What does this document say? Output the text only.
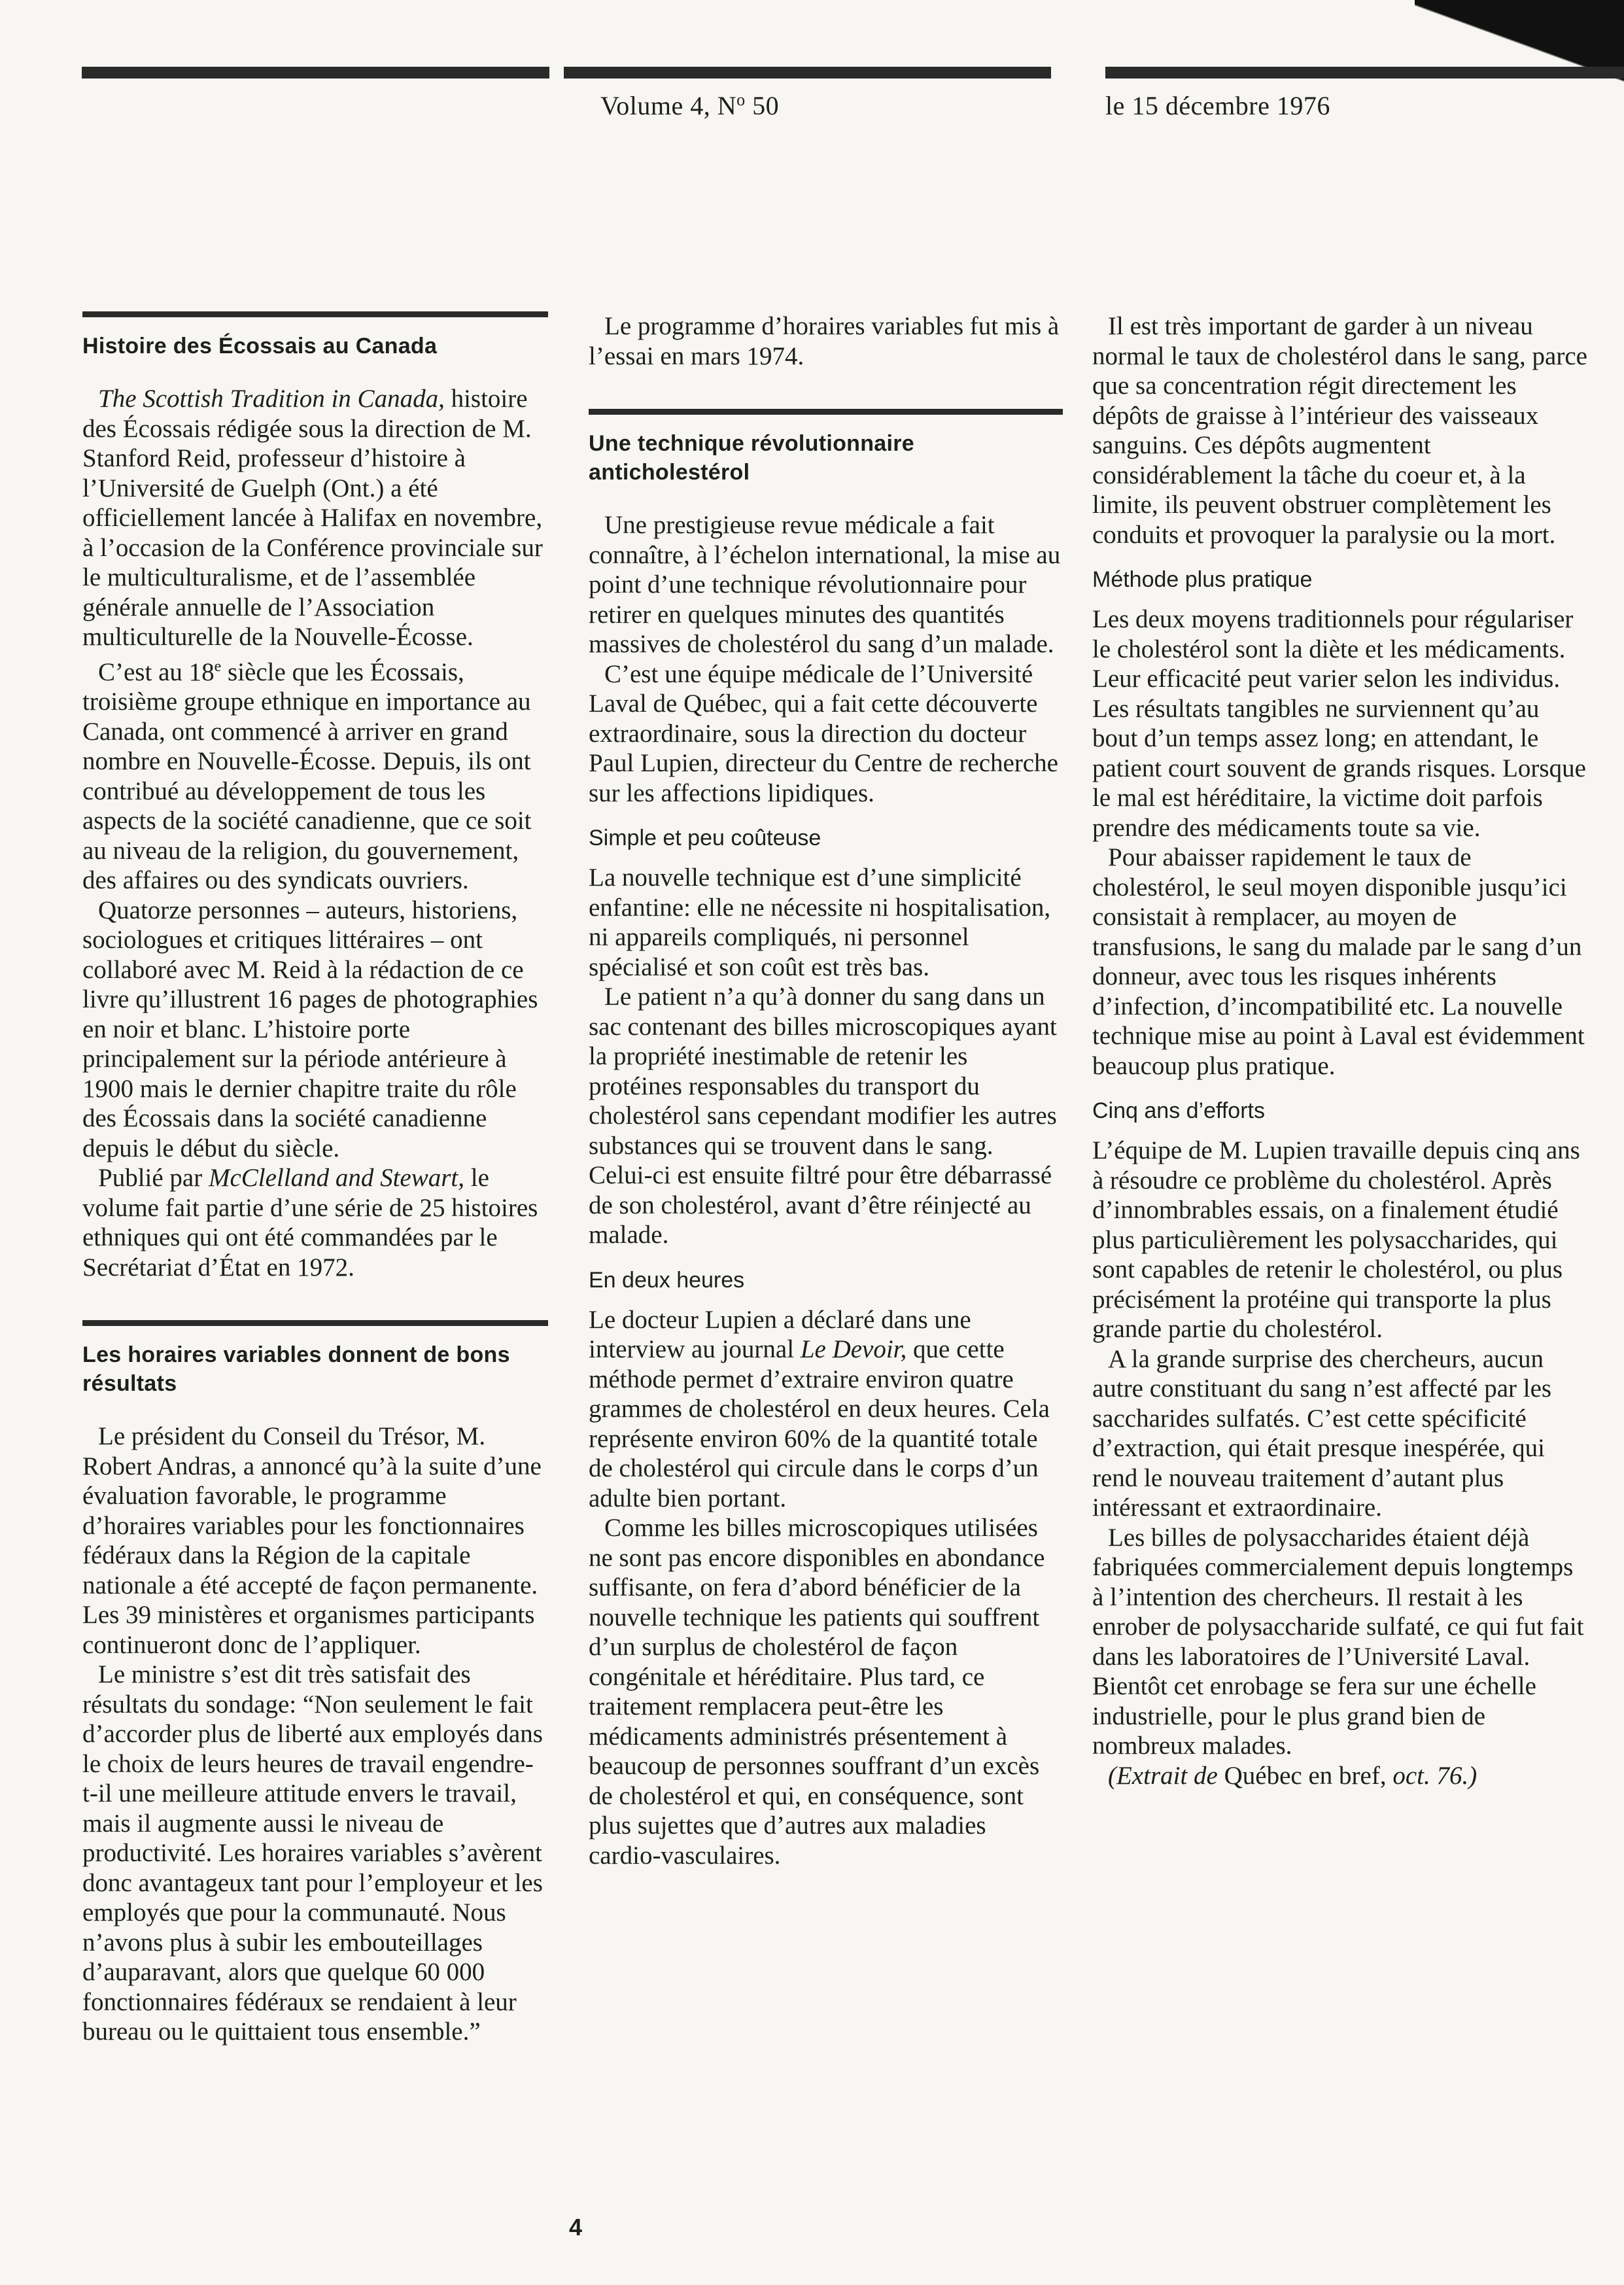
Volume 4, $N^o$ 50	le 15 décembre 1976
Histoire des Écossais au Canada

The Scottish Tradition in Canada, histoire des Écossais rédigée sous la direction de M. Stanford Reid, professeur d’histoire à l’Université de Guelph (Ont.) a été officiellement lancée à Halifax en novembre, à l’occasion de la Conférence provinciale sur le multiculturalisme, et de l’assemblée générale annuelle de l’Association multiculturelle de la Nouvelle-Écosse.

C’est au 18e siècle que les Écossais, troisième groupe ethnique en importance au Canada, ont commencé à arriver en grand nombre en Nouvelle-Écosse. Depuis, ils ont contribué au développement de tous les aspects de la société canadienne, que ce soit au niveau de la religion, du gouvernement, des affaires ou des syndicats ouvriers.

Quatorze personnes – auteurs, historiens, sociologues et critiques littéraires – ont collaboré avec M. Reid à la rédaction de ce livre qu’illustrent 16 pages de photographies en noir et blanc. L’histoire porte principalement sur la période antérieure à 1900 mais le dernier chapitre traite du rôle des Écossais dans la société canadienne depuis le début du siècle.

Publié par McClelland and Stewart, le volume fait partie d’une série de 25 histoires ethniques qui ont été commandées par le Secrétariat d’État en 1972.

Les horaires variables donnent de bons résultats

Le président du Conseil du Trésor, M. Robert Andras, a annoncé qu’à la suite d’une évaluation favorable, le programme d’horaires variables pour les fonctionnaires fédéraux dans la Région de la capitale nationale a été accepté de façon permanente. Les 39 ministères et organismes participants continueront donc de l’appliquer.

Le ministre s’est dit très satisfait des résultats du sondage: “Non seulement le fait d’accorder plus de liberté aux employés dans le choix de leurs heures de travail engendre-t-il une meilleure attitude envers le travail, mais il augmente aussi le niveau de productivité. Les horaires variables s’avèrent donc avantageux tant pour l’employeur et les employés que pour la communauté. Nous n’avons plus à subir les embouteillages d’auparavant, alors que quelque 60 000 fonctionnaires fédéraux se rendaient à leur bureau ou le quittaient tous ensemble.”

Le programme d’horaires variables fut mis à l’essai en mars 1974.

Une technique révolutionnaire anticholestérol

Une prestigieuse revue médicale a fait connaître, à l’échelon international, la mise au point d’une technique révolutionnaire pour retirer en quelques minutes des quantités massives de cholestérol du sang d’un malade.

C’est une équipe médicale de l’Université Laval de Québec, qui a fait cette découverte extraordinaire, sous la direction du docteur Paul Lupien, directeur du Centre de recherche sur les affections lipidiques.

Simple et peu coûteuse

La nouvelle technique est d’une simplicité enfantine: elle ne nécessite ni hospitalisation, ni appareils compliqués, ni personnel spécialisé et son coût est très bas.

Le patient n’a qu’à donner du sang dans un sac contenant des billes microscopiques ayant la propriété inestimable de retenir les protéines responsables du transport du cholestérol sans cependant modifier les autres substances qui se trouvent dans le sang. Celui-ci est ensuite filtré pour être débarrassé de son cholestérol, avant d’être réinjecté au malade.

En deux heures

Le docteur Lupien a déclaré dans une interview au journal Le Devoir, que cette méthode permet d’extraire environ quatre grammes de cholestérol en deux heures. Cela représente environ 60% de la quantité totale de cholestérol qui circule dans le corps d’un adulte bien portant.

Comme les billes microscopiques utilisées ne sont pas encore disponibles en abondance suffisante, on fera d’abord bénéficier de la nouvelle technique les patients qui souffrent d’un surplus de cholestérol de façon congénitale et héréditaire. Plus tard, ce traitement remplacera peut-être les médicaments administrés présentement à beaucoup de personnes souffrant d’un excès de cholestérol et qui, en conséquence, sont plus sujettes que d’autres aux maladies cardio-vasculaires.

Il est très important de garder à un niveau normal le taux de cholestérol dans le sang, parce que sa concentration régit directement les dépôts de graisse à l’intérieur des vaisseaux sanguins. Ces dépôts augmentent considérablement la tâche du coeur et, à la limite, ils peuvent obstruer complètement les conduits et provoquer la paralysie ou la mort.

Méthode plus pratique

Les deux moyens traditionnels pour régulariser le cholestérol sont la diète et les médicaments. Leur efficacité peut varier selon les individus. Les résultats tangibles ne surviennent qu’au bout d’un temps assez long; en attendant, le patient court souvent de grands risques. Lorsque le mal est héréditaire, la victime doit parfois prendre des médicaments toute sa vie.

Pour abaisser rapidement le taux de cholestérol, le seul moyen disponible jusqu’ici consistait à remplacer, au moyen de transfusions, le sang du malade par le sang d’un donneur, avec tous les risques inhérents d’infection, d’incompatibilité etc. La nouvelle technique mise au point à Laval est évidemment beaucoup plus pratique.

Cinq ans d’efforts

L’équipe de M. Lupien travaille depuis cinq ans à résoudre ce problème du cholestérol. Après d’innombrables essais, on a finalement étudié plus particulièrement les polysaccharides, qui sont capables de retenir le cholestérol, ou plus précisément la protéine qui transporte la plus grande partie du cholestérol.

A la grande surprise des chercheurs, aucun autre constituant du sang n’est affecté par les saccharides sulfatés. C’est cette spécificité d’extraction, qui était presque inespérée, qui rend le nouveau traitement d’autant plus intéressant et extraordinaire.

Les billes de polysaccharides étaient déjà fabriquées commercialement depuis longtemps à l’intention des chercheurs. Il restait à les enrober de polysaccharide sulfaté, ce qui fut fait dans les laboratoires de l’Université Laval. Bientôt cet enrobage se fera sur une échelle industrielle, pour le plus grand bien de nombreux malades.

(Extrait de Québec en bref, oct. 76.)

4
